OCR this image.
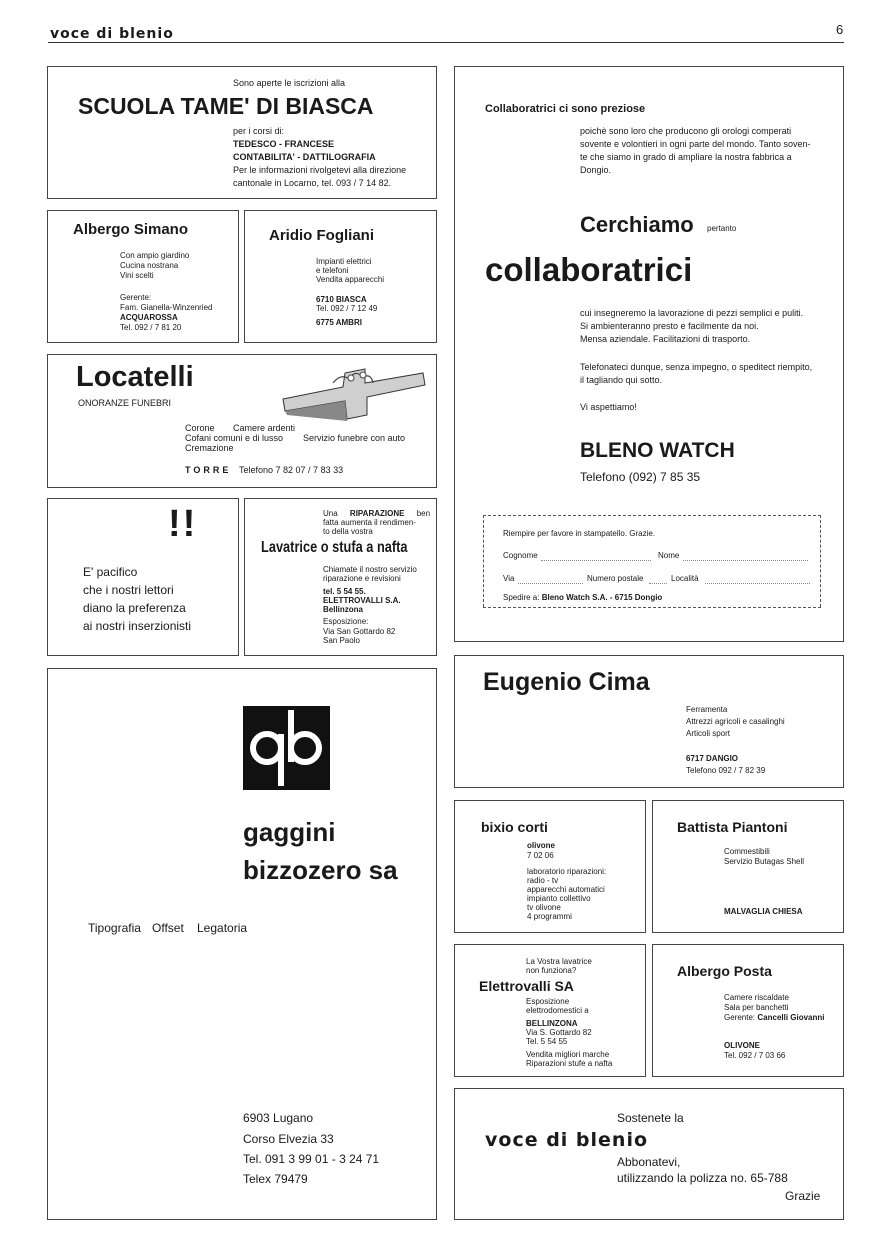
voce di blenio	6
Sono aperte le iscrizioni alla
SCUOLA TAME' DI BIASCA
per i corsi di:
TEDESCO - FRANCESE
CONTABILITA' - DATTILOGRAFIA
Per le informazioni rivolgetevi alla direzione
cantonale in Locarno, tel. 093 / 7 14 82.
Albergo Simano
Con ampio giardino
Cucina nostrana
Vini scelti
Gerente:
Fam. Gianella-Winzenried
ACQUAROSSA
Tel. 092 / 7 81 20
Aridio Fogliani
Impianti elettrici
e telefoni
Vendita apparecchi
6710 BIASCA
Tel. 092 / 7 12 49
6775 AMBRI
Locatelli
ONORANZE FUNEBRI
Corone Camere ardenti
Cofani comuni e di lusso Servizio funebre con auto
Cremazione
TORRE Telefono 7 82 07 / 7 83 33
!!
E' pacifico
che i nostri lettori
diano la preferenza
ai nostri inserzionisti
Una RIPARAZIONE ben
fatta aumenta il rendimen-
to della vostra
Lavatrice o stufa a nafta
Chiamate il nostro servizio
riparazione e revisioni
tel. 5 54 55.
ELETTROVALLI S.A.
Bellinzona
Esposizione:
Via San Gottardo 82
San Paolo
Collaboratrici ci sono preziose
poichè sono loro che producono gli orologi comperati
sovente e volontieri in ogni parte del mondo. Tanto soven-
te che siamo in grado di ampliare la nostra fabbrica a
Dongio.
Cerchiamo pertanto
collaboratrici
cui insegneremo la lavorazione di pezzi semplici e puliti.
Si ambienteranno presto e facilmente da noi.
Mensa aziendale. Facilitazioni di trasporto.
Telefonateci dunque, senza impegno, o speditect riempito,
il tagliando qui sotto.
Vi aspettiamo!
BLENO WATCH
Telefono (092) 7 85 35
Riempire per favore in stampatello. Grazie.
Cognome	Nome
Via	Numero postale	Località
Spedire a: Bleno Watch S.A. - 6715 Dongio
gaggini
bizzozero sa
Tipografia Offset Legatoria
6903 Lugano
Corso Elvezia 33
Tel. 091 3 99 01 - 3 24 71
Telex 79479
Eugenio Cima
Ferramenta
Attrezzi agricoli e casalinghi
Articoli sport
6717 DANGIO
Telefono 092 / 7 82 39
bixio corti
olivone
7 02 06
laboratorio riparazioni:
radio - tv
apparecchi automatici
impianto collettivo
tv olivone
4 programmi
Battista Piantoni
Commestibili
Servizio Butagas Shell
MALVAGLIA CHIESA
La Vostra lavatrice
non funziona?
Elettrovalli SA
Esposizione
elettrodomestici a
BELLINZONA
Via S. Gottardo 82
Tel. 5 54 55
Vendita migliori marche
Riparazioni stufe a nafta
Albergo Posta
Camere riscaldate
Sala per banchetti
Gerente: Cancelli Giovanni
OLIVONE
Tel. 092 / 7 03 66
Sostenete la
voce di blenio
Abbonatevi,
utilizzando la polizza no. 65-788
Grazie
